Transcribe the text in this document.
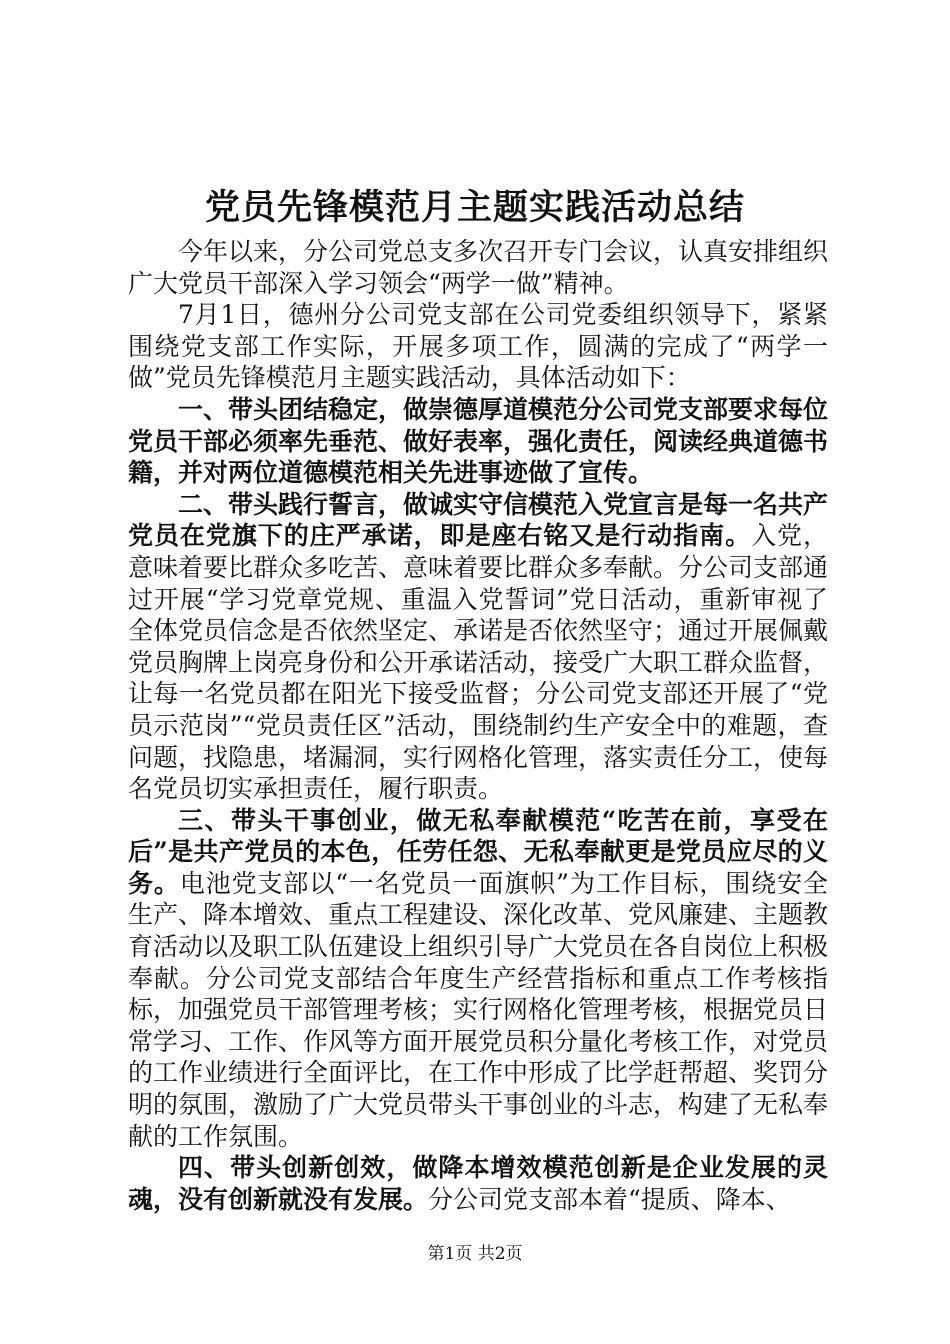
党员先锋模范月主题实践活动总结

今年以来，分公司党总支多次召开专门会议，认真安排组织广大党员干部深入学习领会“两学一做”精神。

7月1日，德州分公司党支部在公司党委组织领导下，紧紧围绕党支部工作实际，开展多项工作，圆满的完成了“两学一做”党员先锋模范月主题实践活动，具体活动如下：

一、带头团结稳定，做崇德厚道模范分公司党支部要求每位党员干部必须率先垂范、做好表率，强化责任，阅读经典道德书籍，并对两位道德模范相关先进事迹做了宣传。

二、带头践行誓言，做诚实守信模范入党宣言是每一名共产党员在党旗下的庄严承诺，即是座右铭又是行动指南。入党，意味着要比群众多吃苦、意味着要比群众多奉献。分公司支部通过开展“学习党章党规、重温入党誓词”党日活动，重新审视了全体党员信念是否依然坚定、承诺是否依然坚守；通过开展佩戴党员胸牌上岗亮身份和公开承诺活动，接受广大职工群众监督，让每一名党员都在阳光下接受监督；分公司党支部还开展了“党员示范岗”“党员责任区”活动，围绕制约生产安全中的难题，查问题，找隐患，堵漏洞，实行网格化管理，落实责任分工，使每名党员切实承担责任，履行职责。

三、带头干事创业，做无私奉献模范“吃苦在前，享受在后”是共产党员的本色，任劳任怨、无私奉献更是党员应尽的义务。电池党支部以“一名党员一面旗帜”为工作目标，围绕安全生产、降本增效、重点工程建设、深化改革、党风廉建、主题教育活动以及职工队伍建设上组织引导广大党员在各自岗位上积极奉献。分公司党支部结合年度生产经营指标和重点工作考核指标，加强党员干部管理考核；实行网格化管理考核，根据党员日常学习、工作、作风等方面开展党员积分量化考核工作，对党员的工作业绩进行全面评比，在工作中形成了比学赶帮超、奖罚分明的氛围，激励了广大党员带头干事创业的斗志，构建了无私奉献的工作氛围。

四、带头创新创效，做降本增效模范创新是企业发展的灵魂，没有创新就没有发展。分公司党支部本着“提质、降本、

第1页 共2页
